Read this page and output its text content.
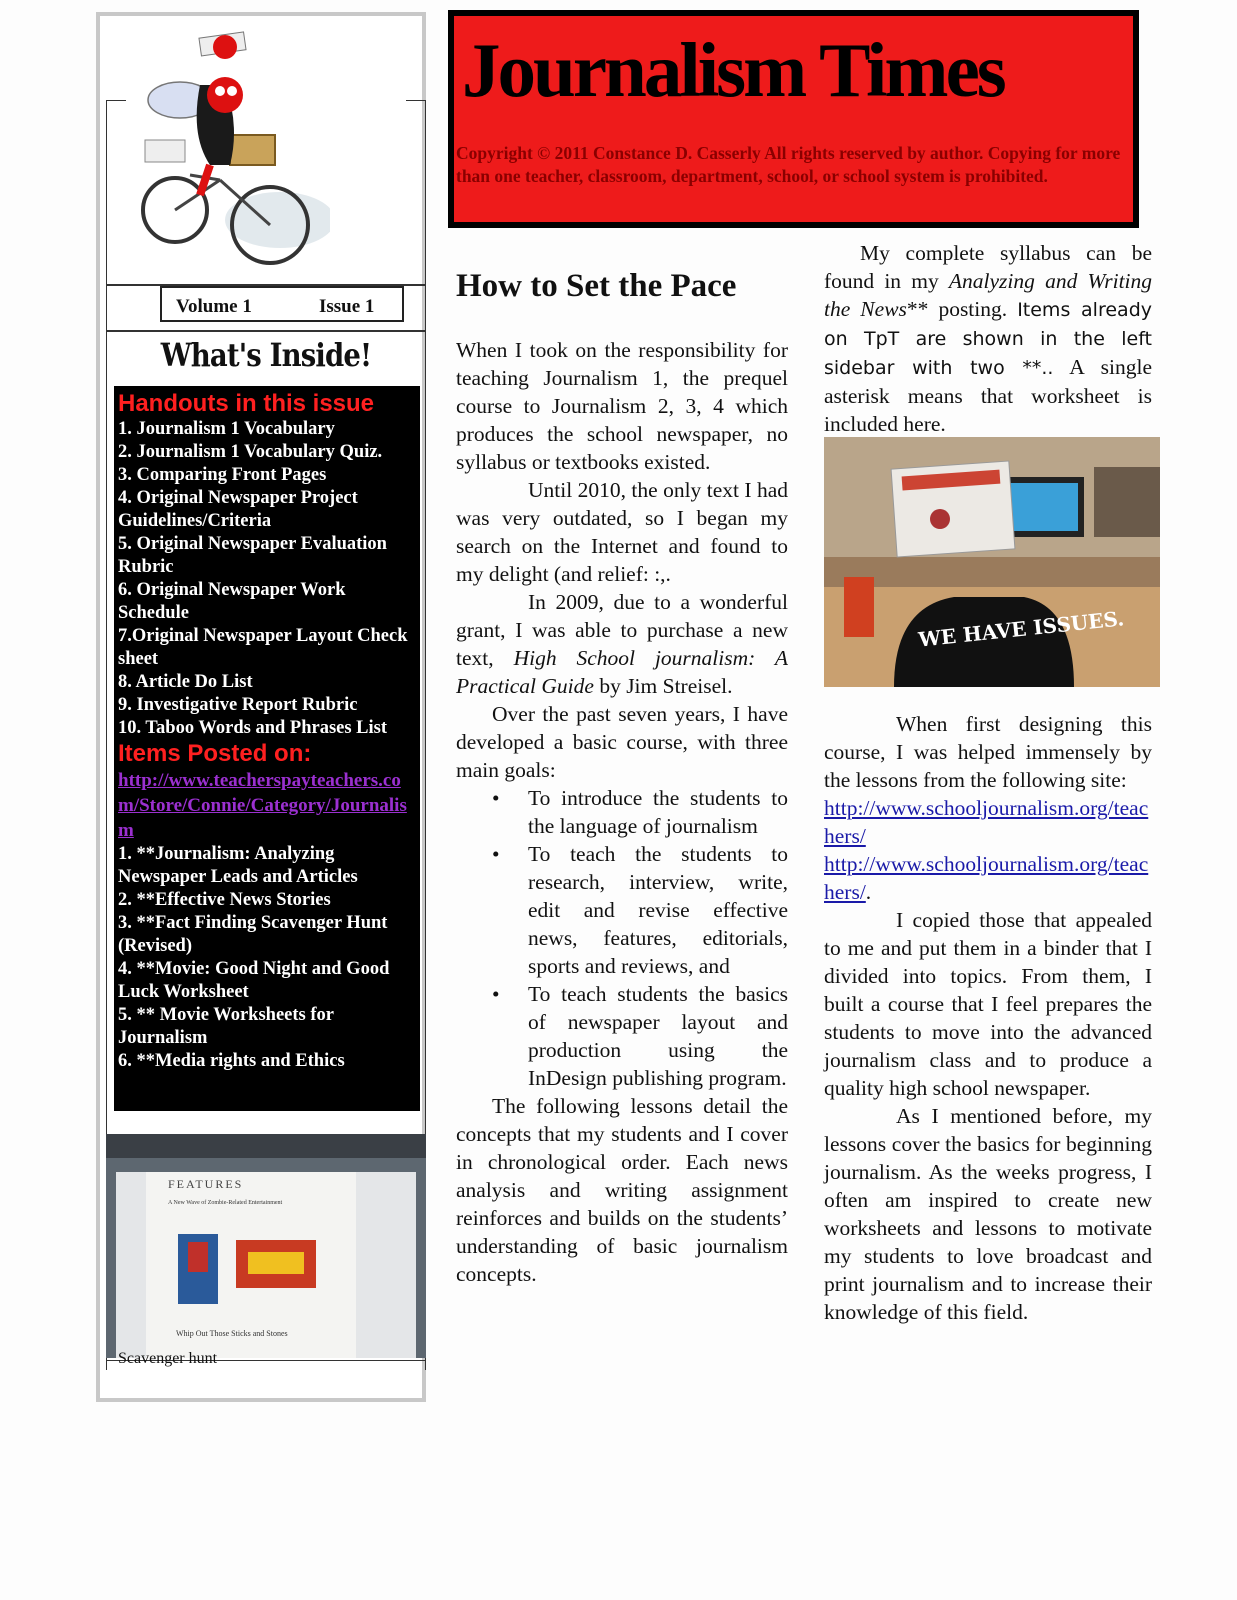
Volume 1	Issue 1
What's Inside!
Handouts in this issue
1. Journalism 1 Vocabulary
2. Journalism 1 Vocabulary Quiz.
3. Comparing Front Pages
4. Original Newspaper Project Guidelines/Criteria
5. Original Newspaper Evaluation Rubric
6. Original Newspaper Work Schedule
7.Original Newspaper Layout Check sheet
8. Article Do List
9. Investigative Report Rubric
10. Taboo Words and Phrases List
Items Posted on:
http://www.teacherspayteachers.com/Store/Connie/Category/Journalism
1. **Journalism: Analyzing Newspaper Leads and Articles
2. **Effective News Stories
3. **Fact Finding Scavenger Hunt (Revised)
4. **Movie: Good Night and Good Luck Worksheet
5. ** Movie Worksheets for Journalism
6. **Media rights and Ethics
FEATURES
A New Wave of Zombie-Related Entertainment
Whip Out Those Sticks and Stones
Scavenger hunt
Journalism Times
Copyright © 2011 Constance D. Casserly All rights reserved by author. Copying for more than one teacher, classroom, department, school, or school system is prohibited.
How to Set the Pace

When I took on the responsibility for teaching Journalism 1, the prequel course to Journalism 2, 3, 4 which produces the school newspaper, no syllabus or textbooks existed.

Until 2010, the only text I had was very outdated, so I began my search on the Internet and found to my delight (and relief: :,.

In 2009, due to a wonderful grant, I was able to purchase a new text, High School journalism: A Practical Guide by Jim Streisel.

Over the past seven years, I have developed a basic course, with three main goals:

• To introduce the students to the language of journalism
• To teach the students to research, interview, write, edit and revise effective news, features, editorials, sports and reviews, and
• To teach students the basics of newspaper layout and production using the InDesign publishing program.

The following lessons detail the concepts that my students and I cover in chronological order. Each news analysis and writing assignment reinforces and builds on the students’ understanding of basic journalism concepts.

My complete syllabus can be found in my Analyzing and Writing the News** posting. Items already on TpT are shown in the left sidebar with two **.. A single asterisk means that worksheet is included here.

WE HAVE ISSUES.

When first designing this course, I was helped immensely by the lessons from the following site:

http://www.schooljournalism.org/teachers/

http://www.schooljournalism.org/teachers/.

I copied those that appealed to me and put them in a binder that I divided into topics. From them, I built a course that I feel prepares the students to move into the advanced journalism class and to produce a quality high school newspaper.

As I mentioned before, my lessons cover the basics for beginning journalism. As the weeks progress, I often am inspired to create new worksheets and lessons to motivate my students to love broadcast and print journalism and to increase their knowledge of this field.
